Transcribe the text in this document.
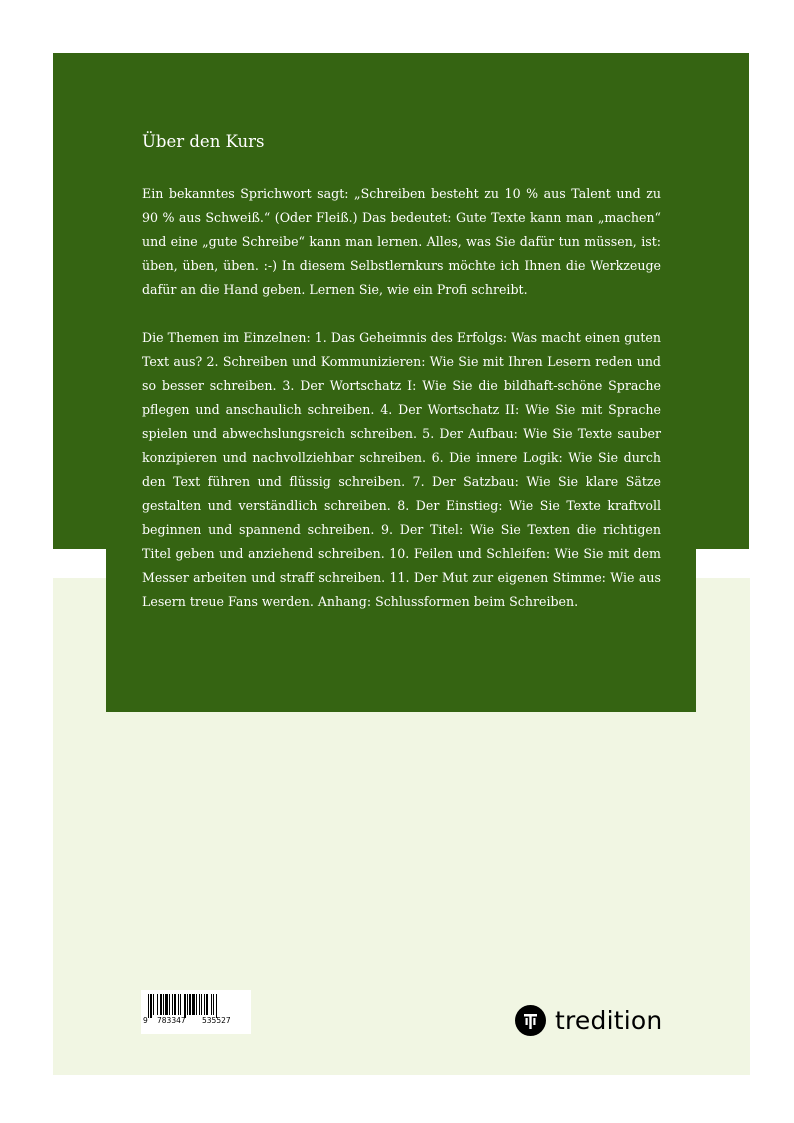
Über den Kurs

Ein bekanntes Sprichwort sagt: „Schreiben besteht zu 10 % aus Talent und zu 90 % aus Schweiß.“ (Oder Fleiß.) Das bedeutet: Gute Texte kann man „machen“ und eine „gute Schreibe“ kann man lernen. Alles, was Sie dafür tun müssen, ist: üben, üben, üben. :-) In diesem Selbstlernkurs möchte ich Ihnen die Werkzeuge dafür an die Hand geben. Lernen Sie, wie ein Profi schreibt.

Die Themen im Einzelnen: 1. Das Geheimnis des Erfolgs: Was macht einen guten Text aus? 2. Schreiben und Kommunizieren: Wie Sie mit Ihren Lesern reden und so besser schreiben. 3. Der Wortschatz I: Wie Sie die bildhaft-schöne Sprache pflegen und anschaulich schreiben. 4. Der Wortschatz II: Wie Sie mit Sprache spielen und abwechslungsreich schreiben. 5. Der Aufbau: Wie Sie Texte sauber konzipieren und nachvollziehbar schreiben. 6. Die innere Logik: Wie Sie durch den Text führen und flüssig schreiben. 7. Der Satzbau: Wie Sie klare Sätze gestalten und verständlich schreiben. 8. Der Einstieg: Wie Sie Texte kraftvoll beginnen und spannend schreiben. 9. Der Titel: Wie Sie Texten die richtigen Titel geben und anziehend schreiben. 10. Feilen und Schleifen: Wie Sie mit dem Messer arbeiten und straff schreiben. 11. Der Mut zur eigenen Stimme: Wie aus Lesern treue Fans werden. Anhang: Schlussformen beim Schreiben.

9 783347 535527	tredition
